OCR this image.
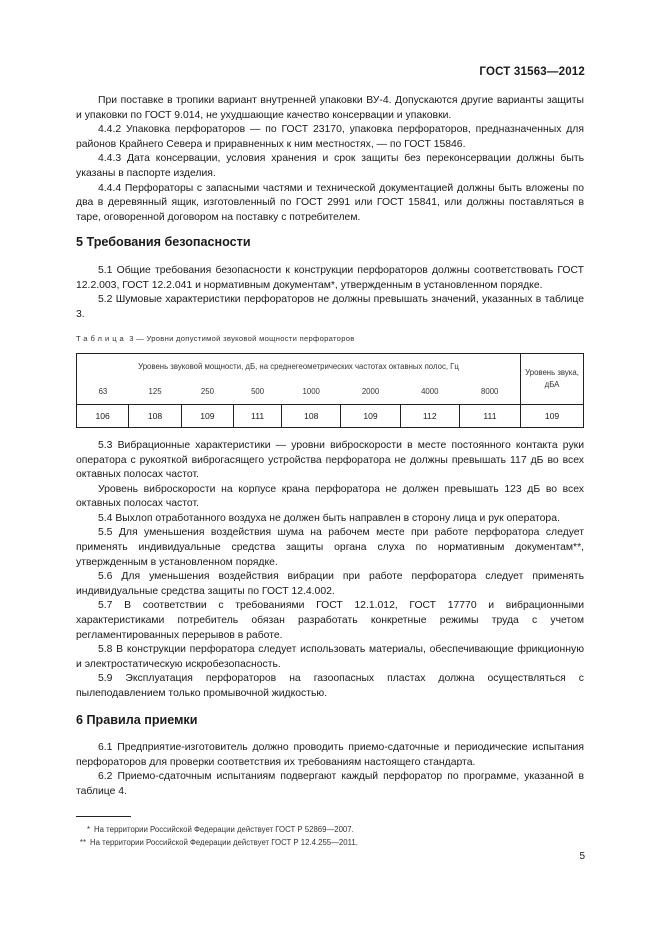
ГОСТ 31563—2012

При поставке в тропики вариант внутренней упаковки ВУ-4. Допускаются другие варианты защиты и упаковки по ГОСТ 9.014, не ухудшающие качество консервации и упаковки.

4.4.2 Упаковка перфораторов — по ГОСТ 23170, упаковка перфораторов, предназначенных для районов Крайнего Севера и приравненных к ним местностях, — по ГОСТ 15846.

4.4.3 Дата консервации, условия хранения и срок защиты без переконсервации должны быть указаны в паспорте изделия.

4.4.4 Перфораторы с запасными частями и технической документацией должны быть вложены по два в деревянный ящик, изготовленный по ГОСТ 2991 или ГОСТ 15841, или должны поставляться в таре, оговоренной договором на поставку с потребителем.

5 Требования безопасности

5.1 Общие требования безопасности к конструкции перфораторов должны соответствовать ГОСТ 12.2.003, ГОСТ 12.2.041 и нормативным документам*, утвержденным в установленном порядке.

5.2 Шумовые характеристики перфораторов не должны превышать значений, указанных в таблице 3.

Таблица 3 — Уровни допустимой звуковой мощности перфораторов
Уровень звуковой мощности, дБ, на среднегеометрических частотах октавных полос, Гц								Уровень звука, дБА
63	125	250	500	1000	2000	4000	8000	
106	108	109	111	108	109	112	111	109

5.3 Вибрационные характеристики — уровни виброскорости в месте постоянного контакта руки оператора с рукояткой виброгасящего устройства перфоратора не должны превышать 117 дБ во всех октавных полосах частот.

Уровень виброскорости на корпусе крана перфоратора не должен превышать 123 дБ во всех октавных полосах частот.

5.4 Выхлоп отработанного воздуха не должен быть направлен в сторону лица и рук оператора.

5.5 Для уменьшения воздействия шума на рабочем месте при работе перфоратора следует применять индивидуальные средства защиты органа слуха по нормативным документам**, утвержденным в установленном порядке.

5.6 Для уменьшения воздействия вибрации при работе перфоратора следует применять индивидуальные средства защиты по ГОСТ 12.4.002.

5.7 В соответствии с требованиями ГОСТ 12.1.012, ГОСТ 17770 и вибрационными характеристиками потребитель обязан разработать конкретные режимы труда с учетом регламентированных перерывов в работе.

5.8 В конструкции перфоратора следует использовать материалы, обеспечивающие фрикционную и электростатическую искробезопасность.

5.9 Эксплуатация перфораторов на газоопасных пластах должна осуществляться с пылеподавлением только промывочной жидкостью.

6 Правила приемки

6.1 Предприятие-изготовитель должно проводить приемо-сдаточные и периодические испытания перфораторов для проверки соответствия их требованиям настоящего стандарта.

6.2 Приемо-сдаточным испытаниям подвергают каждый перфоратор по программе, указанной в таблице 4.

* На территории Российской Федерации действует ГОСТ Р 52869—2007.
** На территории Российской Федерации действует ГОСТ Р 12.4.255—2011.
5
